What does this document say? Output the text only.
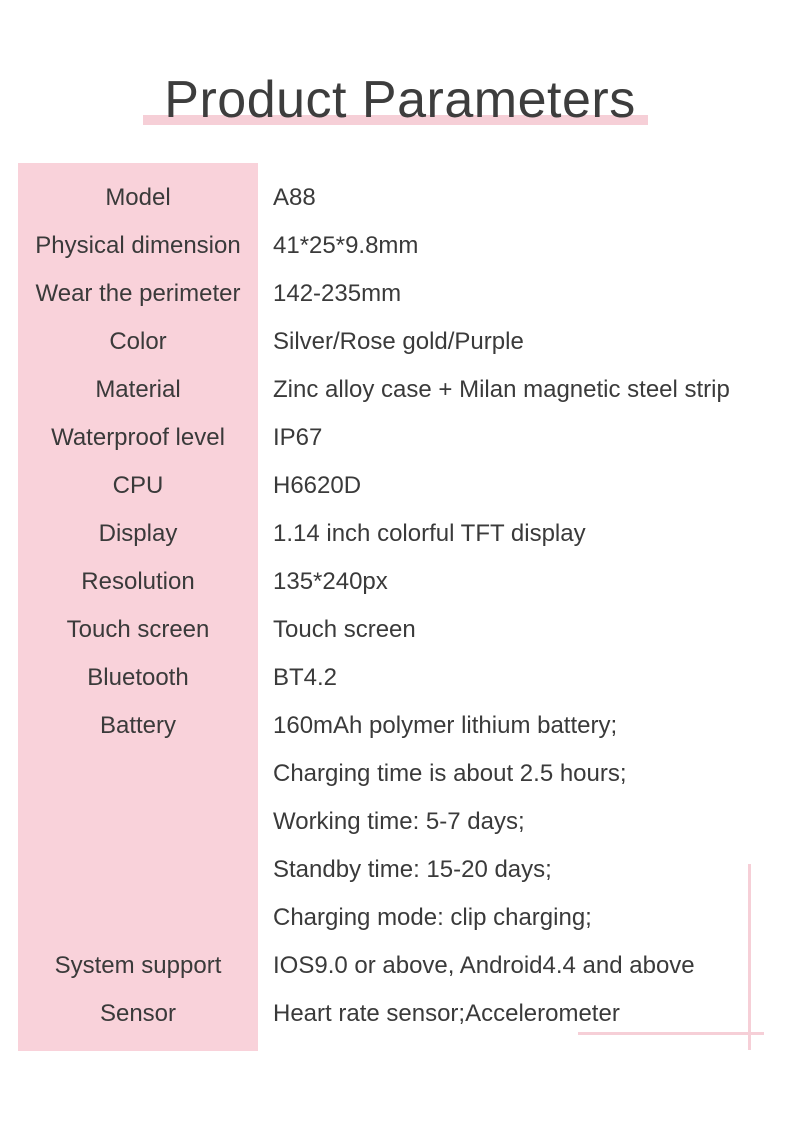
Product Parameters
Model	A88
Physical dimension	41*25*9.8mm
Wear the perimeter	142-235mm
Color	Silver/Rose gold/Purple
Material	Zinc alloy case + Milan magnetic steel strip
Waterproof level	IP67
CPU	H6620D
Display	1.14 inch colorful TFT display
Resolution	135*240px
Touch screen	Touch screen
Bluetooth	BT4.2
Battery	160mAh polymer lithium battery;
Charging time is about 2.5 hours;
Working time: 5-7 days;
Standby time: 15-20 days;
Charging mode: clip charging;
System support	IOS9.0 or above, Android4.4 and above
Sensor	Heart rate sensor;Accelerometer
